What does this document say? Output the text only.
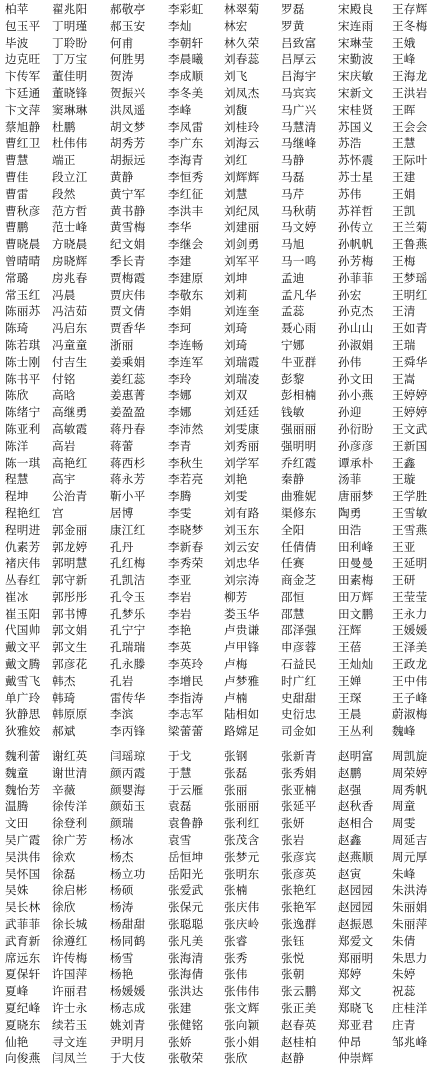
柏苹	翟兆阳	郝敬亭	李彩虹	林翠菊	罗磊	宋殿良	王存辉
包玉平	丁明瑾	郝玉安	李灿	林宏	罗黄	宋连雨	王冬梅
毕波	丁聆盼	何甫	李朝轩	林久荣	吕致富	宋琳莹	王娥
边克旺	丁万宝	何胜男	李晨曦	刘春蕊	吕厚云	宋勤波	王峰
卞传军	董佳明	贺涛	李成顺	刘飞	吕海宇	宋庆敏	王海龙
卞廷通	董晓锋	贺振兴	李冬美	刘凤杰	马宾宾	宋新文	王洪岩
卞文萍	窦琳琳	洪凤遥	李峰	刘馥	马广兴	宋桂贤	王晖
蔡旭静	杜鹏	胡文梦	李凤雷	刘桂玲	马慧清	苏国义	王会会
曹红卫	杜伟伟	胡秀芳	李广东	刘海云	马继峰	苏浩	王慧
曹慧	端正	胡振远	李海青	刘红	马静	苏怀震	王际叶
曹佳	段立江	黄静	李恒秀	刘辉辉	马磊	苏士星	王建
曹雷	段然	黄宁军	李红征	刘慧	马芹	苏伟	王娟
曹秋彦	范方哲	黄书静	李洪丰	刘纪凤	马秋萌	苏祥哲	王凯
曹鹏	范士峰	黄雪梅	李华	刘建丽	马文婷	孙传立	王兰菊
曹晓晨	方晓晨	纪文娟	李继会	刘剑勇	马旭	孙帆帆	王鲁燕
曾晴晴	房晓辉	季长青	李建	刘军平	马一鸣	孙芳梅	王梅
常璐	房兆春	贾梅霞	李建原	刘坤	孟迪	孙菲菲	王梦瑶
常玉红	冯晨	贾庆伟	李敬东	刘莉	孟凡华	孙宏	王明红
陈丽苏	冯洁茹	贾文倩	李娟	刘连奎	孟蕊	孙克杰	王清
陈琦	冯启东	贾香华	李珂	刘琦	聂心雨	孙山山	王如青
陈若琪	冯童童	浙丽	李连畅	刘琦	宁娜	孙淑娟	王瑞
陈士刚	付吉生	姜乘娟	李连军	刘瑞霞	牛亚群	孙伟	王舜华
陈书平	付铭	姜红蕊	李玲	刘瑞凌	彭黎	孙文田	王嵩
陈欣	高晗	姜惠菁	李娜	刘双	彭相楠	孙小燕	王婷婷
陈绪宁	高继勇	姜盈盈	李娜	刘廷廷	钱敏	孙迎	王婷婷
陈亚利	高敏霞	蒋丹春	李沛然	刘雯康	强丽丽	孙衍盼	王文武
陈洋	高岩	蒋蕾	李青	刘秀丽	强明明	孙彦彦	王新国
陈一琪	高艳红	蒋西杉	李秋生	刘学军	乔红霞	谭承朴	王鑫
程慧	高宇	蒋永芳	李若亮	刘艳	秦静	汤菲	王璇
程坤	公治青	靳小平	李腾	刘雯	曲雅妮	唐丽梦	王学胜
程艳红	宫	居博	李雯	刘有路	渠修东	陶勇	王雪敏
程明进	郭金丽	康江红	李晓梦	刘玉东	全阳	田浩	王雪燕
仇素芳	郭龙婷	孔丹	李新春	刘云安	任倩倩	田利峰	王亚
褚庆伟	郭明慧	孔红梅	李秀荣	刘忠华	任赛	田曼曼	王延明
丛春红	郭守新	孔凯洁	李亚	刘宗涛	商金芝	田素梅	王研
崔冰	郭彤彤	孔令玉	李岩	柳芳	邵恒	田万辉	王莹莹
崔玉阳	郭书博	孔梦乐	李岩	娄玉华	邵慧	田文鹏	王永力
代国帅	郭文娟	孔宁宁	李艳	卢贵谦	邵泽强	汪辉	王媛媛
戴文平	郭文生	孔瑞瑞	李英	卢甲锋	申彦蓉	王蓓	王泽美
戴文腾	郭彦花	孔永滕	李英玲	卢梅	石益民	王灿灿	王政龙
戴雪飞	韩杰	孔岩	李增民	卢梦雅	时广红	王婵	王中伟
单广玲	韩琦	雷传华	李指涛	卢楠	史甜甜	王琛	王子峰
狄静思	韩原原	李滨	李志军	陆相如	史衍忠	王晨	蔚淑梅
狄雅姣	郝斌	李丙锋	梁蕾蕾	路嫦足	司金如	王丛利	魏峰
魏利蕾	谢红英	闫瑶琼	于戈	张钢	张新青	赵明富	周凯旋
魏童	谢世清	颜丙霞	于慧	张磊	张秀娟	赵鹏	周荣婷
魏怡芳	辛薇	颜婴海	于云雁	张丽	张亚楠	赵强	周秀帆
温腾	徐传洋	颜茹玉	袁磊	张丽丽	张延平	赵秋香	周童
文田	徐登利	颜瑞	袁鲁静	张利红	张妍	赵相合	周雯
吴广霞	徐广芳	杨冰	袁雪	张茂含	张岩	赵鑫	周延吉
吴洪伟	徐欢	杨杰	岳恒坤	张梦元	张彦宾	赵燕顺	周元厚
吴怀国	徐磊	杨立功	岳阳光	张明东	张彦英	赵寅	朱峰
吴姝	徐启彬	杨硕	张爱武	张楠	张艳红	赵园园	朱洪涛
吴长林	徐欣	杨涛	张保元	张庆伟	张艳军	赵园园	朱丽娟
武菲菲	徐长城	杨甜甜	张聪聪	张庆岭	张逸群	赵振恩	朱丽萍
武育新	徐遵红	杨同鹤	张凡美	张睿	张钰	郑爱文	朱倩
席远东	许传梅	杨雪	张海清	张秀	张悦	郑丽明	朱思力
夏保轩	许国萍	杨艳	张海倩	张伟	张朝	郑婷	朱婷
夏峰	许丽君	杨媛媛	张洪达	张伟伟	张云鹏	郑文	祝蕊
夏纪峰	许士永	杨志成	张建	张文辉	张正美	郑晓飞	庄桂洋
夏晓东	续若玉	姚刘青	张健铭	张向颖	赵春英	郑亚君	庄青
仙艳	寻文连	尹明月	张娇	张小娟	赵桂柏	仲昂	邹兆峰
向俊燕	闫凤兰	于大伎	张敬荣	张欣	赵静	仲崇辉
